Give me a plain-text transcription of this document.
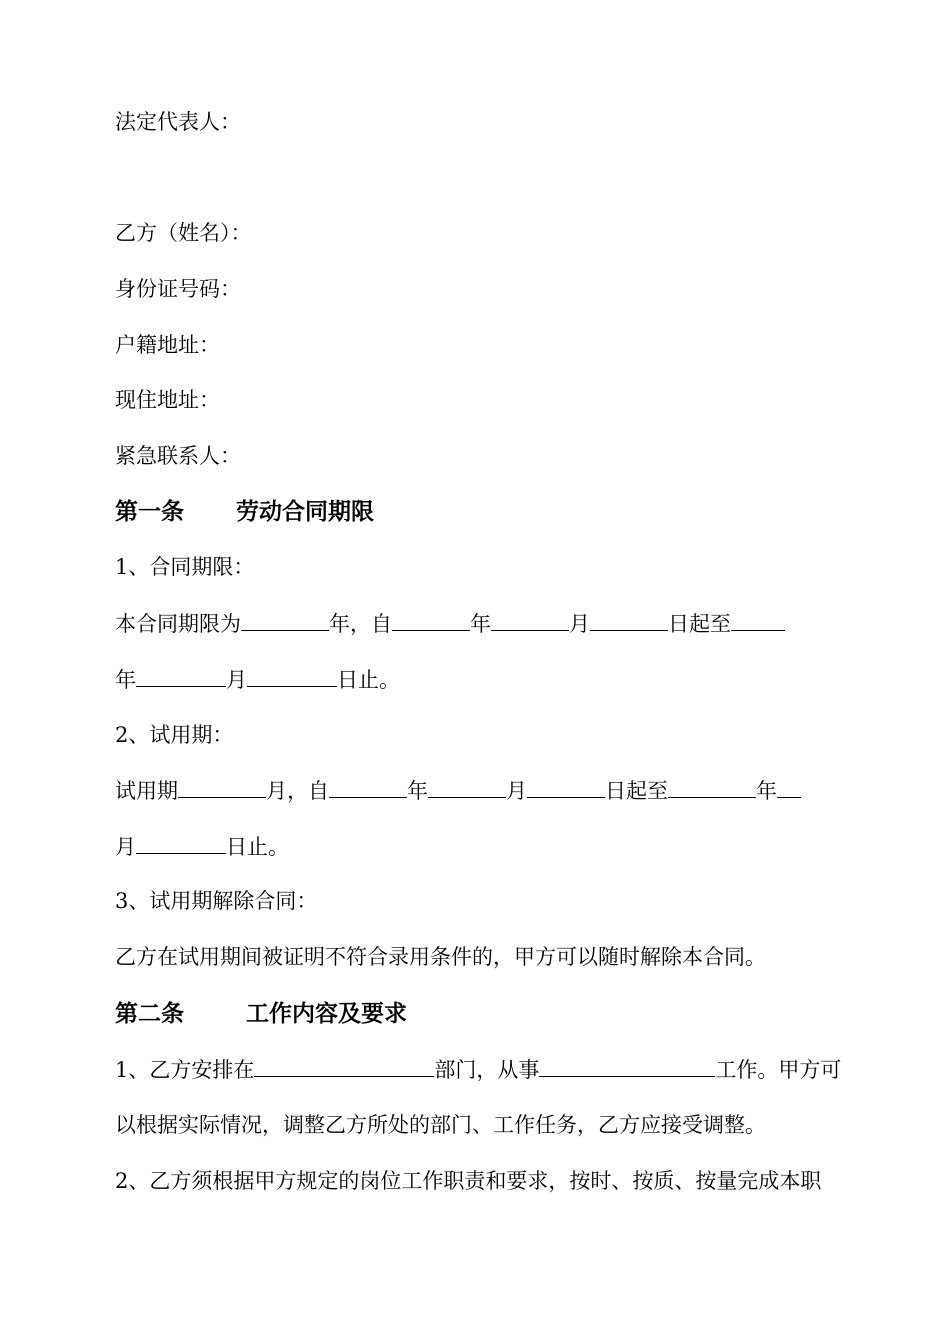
法定代表人：
乙方（姓名）：
身份证号码：
户籍地址：
现住地址：
紧急联系人：
第一条 劳动合同期限
1、合同期限：
本合同期限为	年，自	年	月	日起至
年	月	日止。
2、试用期：
试用期	月，自	年	月	日起至	年
月	日止。
3、试用期解除合同：
乙方在试用期间被证明不符合录用条件的，甲方可以随时解除本合同。
第二条	工作内容及要求
1、乙方安排在	部门，从事	工作。甲方可
以根据实际情况，调整乙方所处的部门、工作任务，乙方应接受调整。
2、乙方须根据甲方规定的岗位工作职责和要求，按时、按质、按量完成本职
